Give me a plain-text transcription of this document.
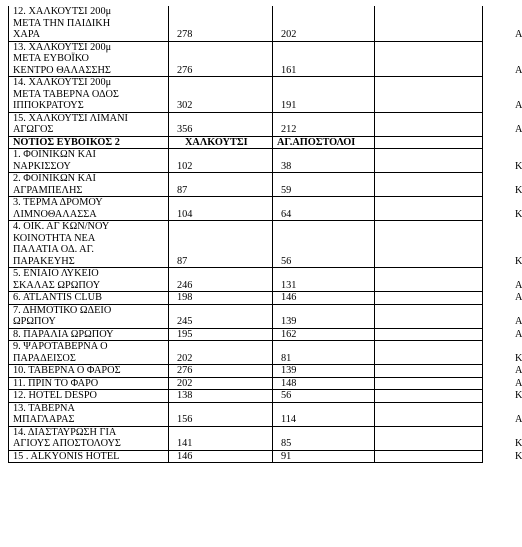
12. ΧΑΛΚΟΥΤΣΙ 200μ
ΜΕΤΑ ΤΗΝ ΠΑΙΔΙΚΗ
ΧΑΡΑ	278	202	Α

13. ΧΑΛΚΟΥΤΣΙ 200μ
ΜΕΤΑ ΕΥΒΟΪΚΟ
ΚΕΝΤΡΟ ΘΑΛΑΣΣΗΣ	276	161	Α

14. ΧΑΛΚΟΥΤΣΙ 200μ
ΜΕΤΑ ΤΑΒΕΡΝΑ ΟΔΟΣ
ΙΠΠΟΚΡΑΤΟΥΣ	302	191	Α

15. ΧΑΛΚΟΥΤΣΙ ΛΙΜΑΝΙ
ΑΓΩΓΟΣ	356	212	Α

ΝΟΤΙΟΣ ΕΥΒΟΙΚΟΣ 2	ΧΑΛΚΟΥΤΣΙ	ΑΓ.ΑΠΟΣΤΟΛΟΙ	

1. ΦΟΙΝΙΚΩΝ ΚΑΙ
ΝΑΡΚΙΣΣΟΥ	102	38	Κ

2. ΦΟΙΝΙΚΩΝ ΚΑΙ
ΑΓΡΑΜΠΕΛΗΣ	87	59	Κ

3. ΤΕΡΜΑ ΔΡΟΜΟΥ
ΛΙΜΝΟΘΑΛΑΣΣΑ	104	64	Κ

4. ΟΙΚ. ΑΓ ΚΩΝ/ΝΟΥ
ΚΟΙΝΟΤΗΤΑ ΝΕΑ
ΠΑΛΑΤΙΑ ΟΔ. ΑΓ.
ΠΑΡΑΚΕΥΗΣ	87	56	Κ

5. ΕΝΙΑΙΟ ΛΥΚΕΙΟ
ΣΚΑΛΑΣ ΩΡΩΠΟΥ	246	131	Α

6. ATLANTIS CLUB	198	146	Α

7. ΔΗΜΟΤΙΚΟ ΩΔΕΙΟ
ΩΡΩΠΟΥ	245	139	Α

8. ΠΑΡΑΛΙΑ ΩΡΩΠΟΥ	195	162	Α

9. ΨΑΡΟΤΑΒΕΡΝΑ Ο
ΠΑΡΑΔΕΙΣΟΣ	202	81	Κ

10. ΤΑΒΕΡΝΑ Ο ΦΑΡΟΣ	276	139	Α

11. ΠΡΙΝ ΤΟ ΦΑΡΟ	202	148	Α

12. HOTEL DESPO	138	56	Κ

13. ΤΑΒΕΡΝΑ
ΜΠΑΓΛΑΡΑΣ	156	114	Α

14. ΔΙΑΣΤΑΥΡΩΣΗ ΓΙΑ
ΑΓΙΟΥΣ ΑΠΟΣΤΟΛΟΥΣ	141	85	Κ

15 . ALKYONIS HOTEL	146	91	Κ
